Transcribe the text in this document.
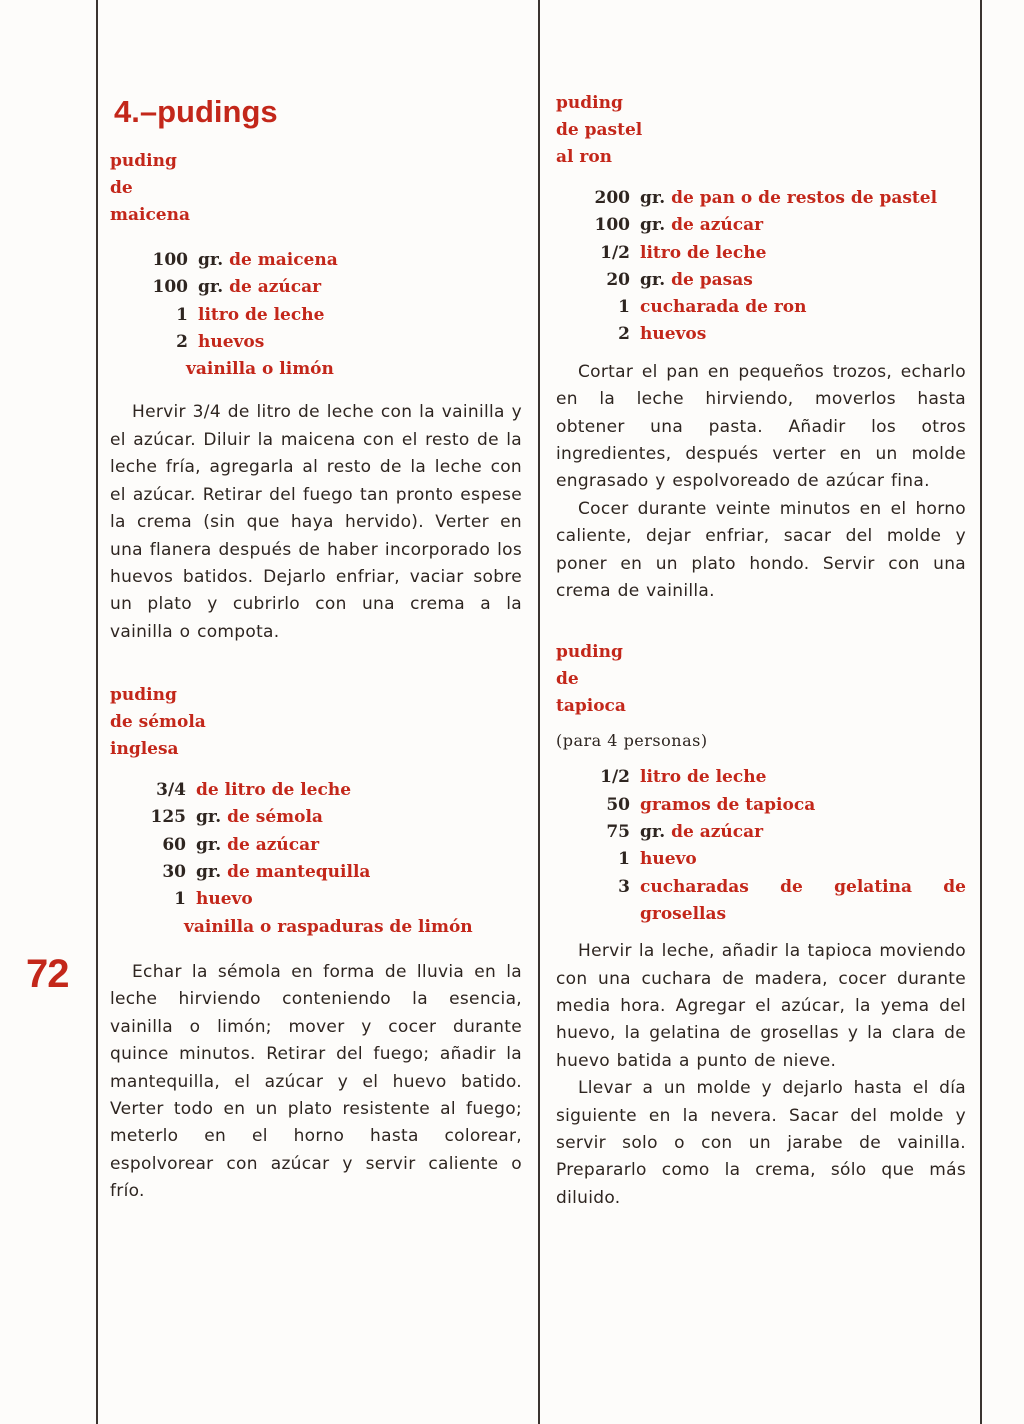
72
4.–pudings
puding
de
maicena
100 gr. de maicena
100 gr. de azúcar
1 litro de leche
2 huevos
vainilla o limón

Hervir 3/4 de litro de leche con la vainilla y el azúcar. Diluir la maicena con el resto de la leche fría, agregarla al resto de la leche con el azúcar. Retirar del fuego tan pronto espese la crema (sin que haya hervido). Verter en una flanera después de haber incorporado los huevos batidos. Dejarlo enfriar, vaciar sobre un plato y cubrirlo con una crema a la vainilla o compota.

puding
de sémola
inglesa
3/4 de litro de leche
125 gr. de sémola
60 gr. de azúcar
30 gr. de mantequilla
1 huevo
vainilla o raspaduras de limón

Echar la sémola en forma de lluvia en la leche hirviendo conteniendo la esencia, vainilla o limón; mover y cocer durante quince minutos. Retirar del fuego; añadir la mantequilla, el azúcar y el huevo batido. Verter todo en un plato resistente al fuego; meterlo en el horno hasta colorear, espolvorear con azúcar y servir caliente o frío.

puding
de pastel
al ron
200 gr. de pan o de restos de pastel
100 gr. de azúcar
1/2 litro de leche
20 gr. de pasas
1 cucharada de ron
2 huevos

Cortar el pan en pequeños trozos, echarlo en la leche hirviendo, moverlos hasta obtener una pasta. Añadir los otros ingredientes, después verter en un molde engrasado y espolvoreado de azúcar fina.

Cocer durante veinte minutos en el horno caliente, dejar enfriar, sacar del molde y poner en un plato hondo. Servir con una crema de vainilla.

puding
de
tapioca

(para 4 personas)

1/2 litro de leche
50 gramos de tapioca
75 gr. de azúcar
1 huevo
3 cucharadas de gelatina de grosellas

Hervir la leche, añadir la tapioca moviendo con una cuchara de madera, cocer durante media hora. Agregar el azúcar, la yema del huevo, la gelatina de grosellas y la clara de huevo batida a punto de nieve.

Llevar a un molde y dejarlo hasta el día siguiente en la nevera. Sacar del molde y servir solo o con un jarabe de vainilla. Prepararlo como la crema, sólo que más diluido.
